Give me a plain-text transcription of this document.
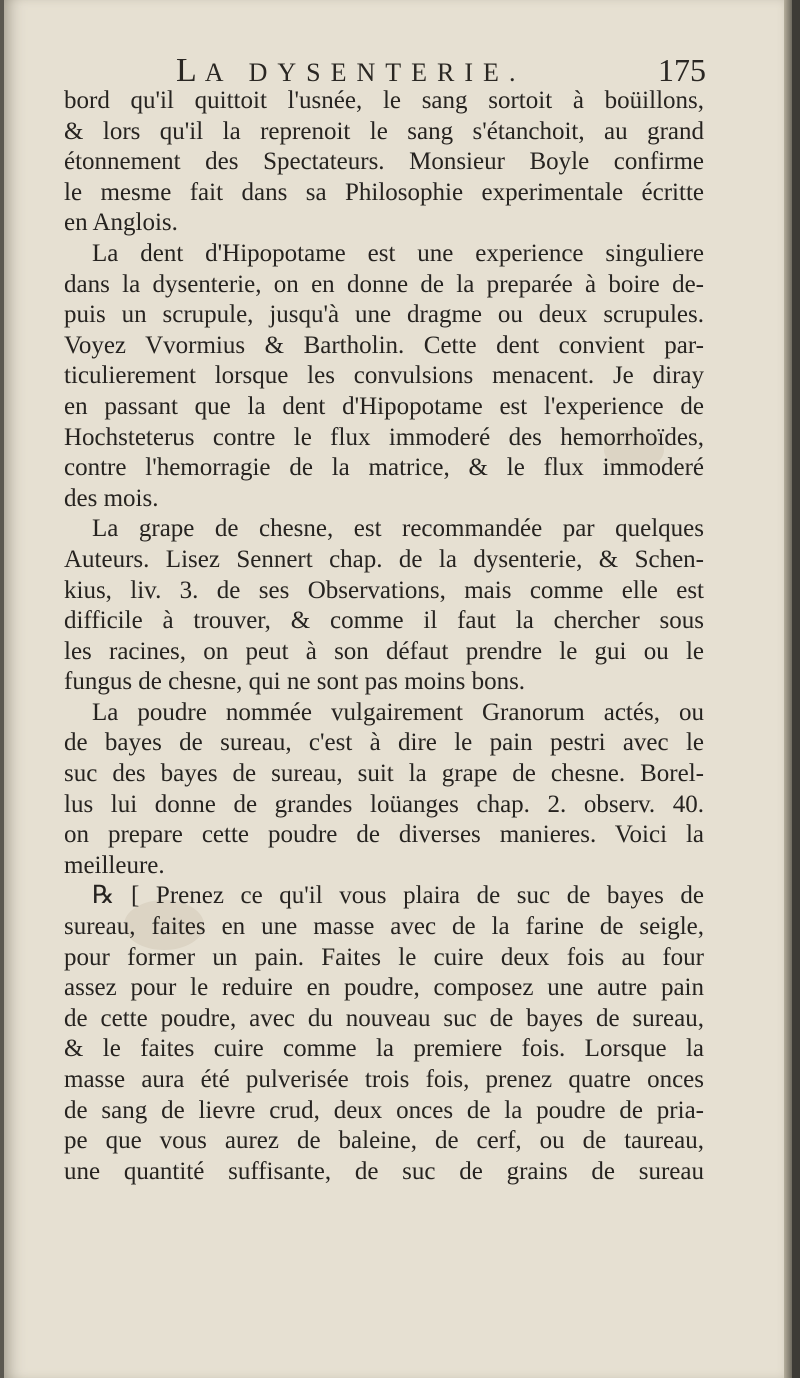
LA DYSENTERIE.	175
bord qu'il quittoit l'usnée, le sang sortoit à boüillons,
& lors qu'il la reprenoit le sang s'étanchoit, au grand
étonnement des Spectateurs. Monsieur Boyle confirme
le mesme fait dans sa Philosophie experimentale écritte
en Anglois.
La dent d'Hipopotame est une experience singuliere
dans la dysenterie, on en donne de la preparée à boire de-
puis un scrupule, jusqu'à une dragme ou deux scrupules.
Voyez Vvormius & Bartholin. Cette dent convient par-
ticulierement lorsque les convulsions menacent. Je diray
en passant que la dent d'Hipopotame est l'experience de
Hochsteterus contre le flux immoderé des hemorrhoïdes,
contre l'hemorragie de la matrice, & le flux immoderé
des mois.
La grape de chesne, est recommandée par quelques
Auteurs. Lisez Sennert chap. de la dysenterie, & Schen-
kius, liv. 3. de ses Observations, mais comme elle est
difficile à trouver, & comme il faut la chercher sous
les racines, on peut à son défaut prendre le gui ou le
fungus de chesne, qui ne sont pas moins bons.
La poudre nommée vulgairement Granorum actés, ou
de bayes de sureau, c'est à dire le pain pestri avec le
suc des bayes de sureau, suit la grape de chesne. Borel-
lus lui donne de grandes loüanges chap. 2. observ. 40.
on prepare cette poudre de diverses manieres. Voici la
meilleure.
℞ [ Prenez ce qu'il vous plaira de suc de bayes de
sureau, faites en une masse avec de la farine de seigle,
pour former un pain. Faites le cuire deux fois au four
assez pour le reduire en poudre, composez une autre pain
de cette poudre, avec du nouveau suc de bayes de sureau,
& le faites cuire comme la premiere fois. Lorsque la
masse aura été pulverisée trois fois, prenez quatre onces
de sang de lievre crud, deux onces de la poudre de pria-
pe que vous aurez de baleine, de cerf, ou de taureau,
une quantité suffisante, de suc de grains de sureau
